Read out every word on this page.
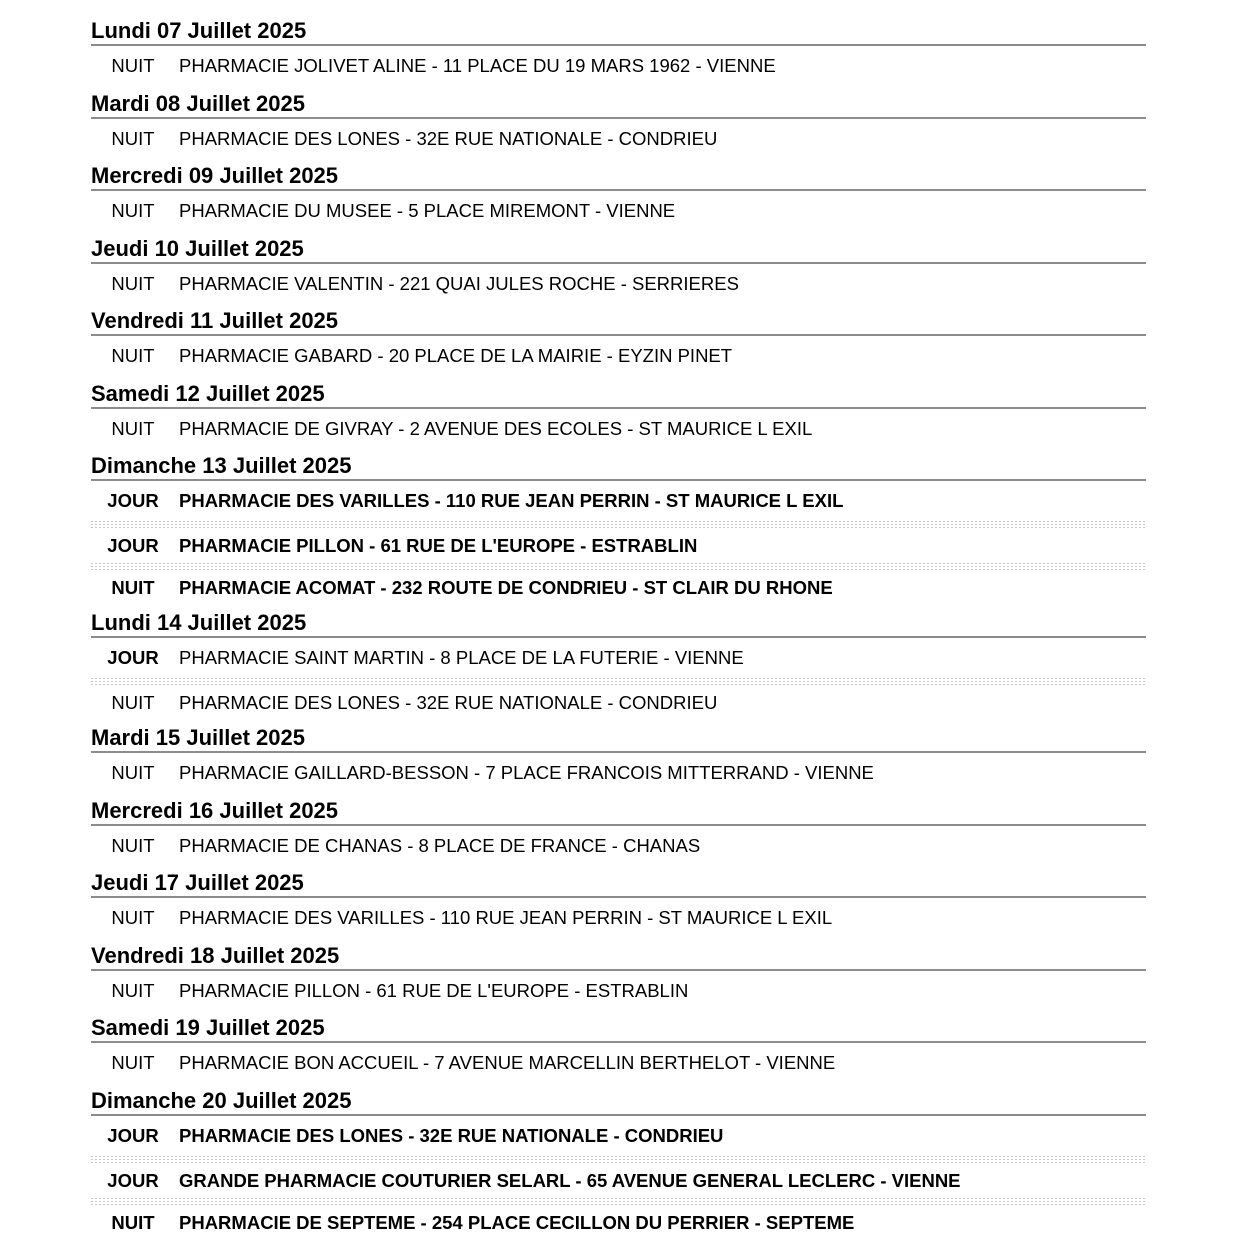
Lundi 07 Juillet 2025
NUIT	PHARMACIE JOLIVET ALINE - 11 PLACE DU 19 MARS 1962 - VIENNE
Mardi 08 Juillet 2025
NUIT	PHARMACIE DES LONES - 32E RUE NATIONALE - CONDRIEU
Mercredi 09 Juillet 2025
NUIT	PHARMACIE DU MUSEE - 5 PLACE MIREMONT - VIENNE
Jeudi 10 Juillet 2025
NUIT	PHARMACIE VALENTIN - 221 QUAI JULES ROCHE - SERRIERES
Vendredi 11 Juillet 2025
NUIT	PHARMACIE GABARD - 20 PLACE DE LA MAIRIE - EYZIN PINET
Samedi 12 Juillet 2025
NUIT	PHARMACIE DE GIVRAY - 2 AVENUE DES ECOLES - ST MAURICE L EXIL
Dimanche 13 Juillet 2025
JOUR	PHARMACIE DES VARILLES - 110 RUE JEAN PERRIN - ST MAURICE L EXIL
JOUR	PHARMACIE PILLON - 61 RUE DE L'EUROPE - ESTRABLIN
NUIT	PHARMACIE ACOMAT - 232 ROUTE DE CONDRIEU - ST CLAIR DU RHONE
Lundi 14 Juillet 2025
JOUR	PHARMACIE SAINT MARTIN - 8 PLACE DE LA FUTERIE - VIENNE
NUIT	PHARMACIE DES LONES - 32E RUE NATIONALE - CONDRIEU
Mardi 15 Juillet 2025
NUIT	PHARMACIE GAILLARD-BESSON - 7 PLACE FRANCOIS MITTERRAND - VIENNE
Mercredi 16 Juillet 2025
NUIT	PHARMACIE DE CHANAS - 8 PLACE DE FRANCE - CHANAS
Jeudi 17 Juillet 2025
NUIT	PHARMACIE DES VARILLES - 110 RUE JEAN PERRIN - ST MAURICE L EXIL
Vendredi 18 Juillet 2025
NUIT	PHARMACIE PILLON - 61 RUE DE L'EUROPE - ESTRABLIN
Samedi 19 Juillet 2025
NUIT	PHARMACIE BON ACCUEIL - 7 AVENUE MARCELLIN BERTHELOT - VIENNE
Dimanche 20 Juillet 2025
JOUR	PHARMACIE DES LONES - 32E RUE NATIONALE - CONDRIEU
JOUR	GRANDE PHARMACIE COUTURIER SELARL - 65 AVENUE GENERAL LECLERC - VIENNE
NUIT	PHARMACIE DE SEPTEME - 254 PLACE CECILLON DU PERRIER - SEPTEME
